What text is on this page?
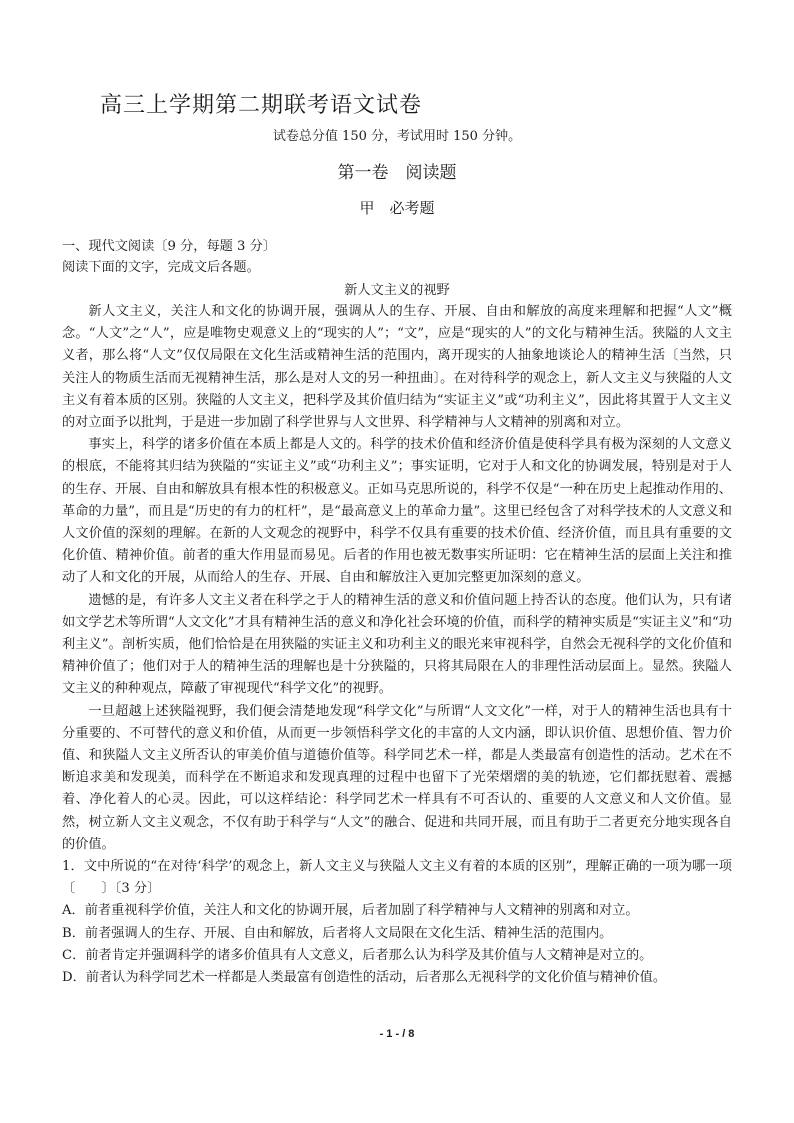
高三上学期第二期联考语文试卷
试卷总分值 150 分，考试用时 150 分钟。
第一卷　阅读题
甲　必考题

一、现代文阅读〔9 分，每题 3 分〕

阅读下面的文字，完成文后各题。

新人文主义的视野

新人文主义，关注人和文化的协调开展，强调从人的生存、开展、自由和解放的高度来理解和把握“人文”概念。“人文”之“人”，应是唯物史观意义上的“现实的人”；“文”，应是“现实的人”的文化与精神生活。狭隘的人文主义者，那么将“人文”仅仅局限在文化生活或精神生活的范围内，离开现实的人抽象地谈论人的精神生活〔当然，只关注人的物质生活而无视精神生活，那么是对人文的另一种扭曲〕。在对待科学的观念上，新人文主义与狭隘的人文主义有着本质的区别。狭隘的人文主义，把科学及其价值归结为“实证主义”或“功利主义”，因此将其置于人文主义的对立面予以批判，于是进一步加剧了科学世界与人文世界、科学精神与人文精神的别离和对立。

事实上，科学的诸多价值在本质上都是人文的。科学的技术价值和经济价值是使科学具有极为深刻的人文意义的根底，不能将其归结为狭隘的“实证主义”或“功利主义”；事实证明，它对于人和文化的协调发展，特别是对于人的生存、开展、自由和解放具有根本性的积极意义。正如马克思所说的，科学不仅是“一种在历史上起推动作用的、革命的力量”，而且是“历史的有力的杠杆”，是“最高意义上的革命力量”。这里已经包含了对科学技术的人文意义和人文价值的深刻的理解。在新的人文观念的视野中，科学不仅具有重要的技术价值、经济价值，而且具有重要的文化价值、精神价值。前者的重大作用显而易见。后者的作用也被无数事实所证明：它在精神生活的层面上关注和推动了人和文化的开展，从而给人的生存、开展、自由和解放注入更加完整更加深刻的意义。

遗憾的是，有许多人文主义者在科学之于人的精神生活的意义和价值问题上持否认的态度。他们认为，只有诸如文学艺术等所谓“人文文化”才具有精神生活的意义和净化社会环境的价值，而科学的精神实质是“实证主义”和“功利主义”。剖析实质，他们恰恰是在用狭隘的实证主义和功利主义的眼光来审视科学，自然会无视科学的文化价值和精神价值了；他们对于人的精神生活的理解也是十分狭隘的，只将其局限在人的非理性活动层面上。显然。狭隘人文主义的种种观点，障蔽了审视现代“科学文化”的视野。

一旦超越上述狭隘视野，我们便会清楚地发现“科学文化”与所谓“人文文化”一样，对于人的精神生活也具有十分重要的、不可替代的意义和价值，从而更一步领悟科学文化的丰富的人文内涵，即认识价值、思想价值、智力价值、和狭隘人文主义所否认的审美价值与道德价值等。科学同艺术一样，都是人类最富有创造性的活动。艺术在不断追求美和发现美，而科学在不断追求和发现真理的过程中也留下了光荣熠熠的美的轨迹，它们都抚慰着、震撼着、净化着人的心灵。因此，可以这样结论：科学同艺术一样具有不可否认的、重要的人文意义和人文价值。显然，树立新人文主义观念，不仅有助于科学与“人文”的融合、促进和共同开展，而且有助于二者更充分地实现各自的价值。

1．文中所说的“在对待‘科学’的观念上，新人文主义与狭隘人文主义有着的本质的区别”，理解正确的一项为哪一项〔　　〕〔3 分〕

A．前者重视科学价值，关注人和文化的协调开展，后者加剧了科学精神与人文精神的别离和对立。

B．前者强调人的生存、开展、自由和解放，后者将人文局限在文化生活、精神生活的范围内。

C．前者肯定并强调科学的诸多价值具有人文意义，后者那么认为科学及其价值与人文精神是对立的。

D．前者认为科学同艺术一样都是人类最富有创造性的活动，后者那么无视科学的文化价值与精神价值。

- 1 - / 8
